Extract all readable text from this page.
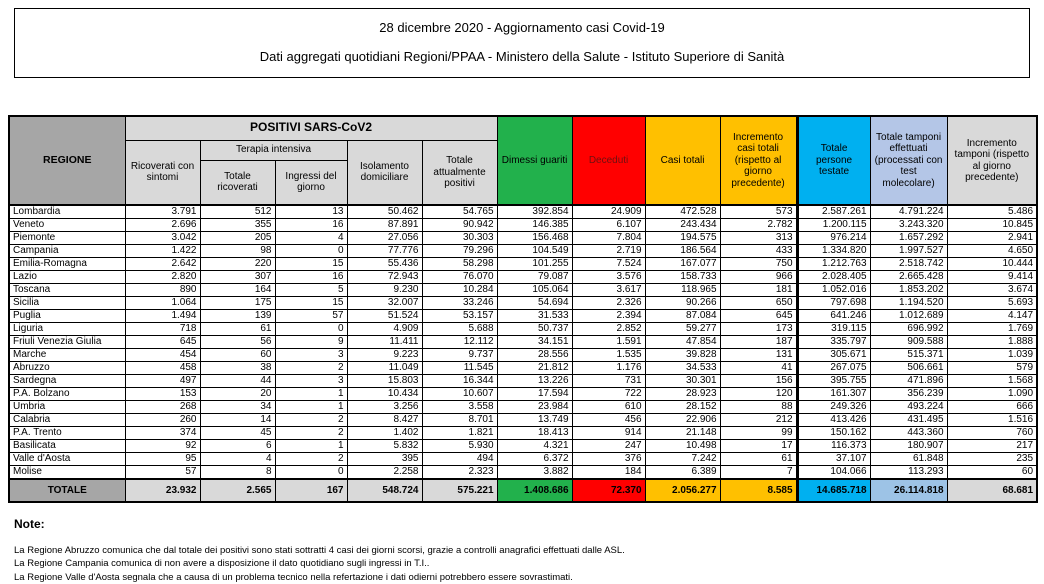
28 dicembre 2020 - Aggiornamento casi Covid-19
Dati aggregati quotidiani Regioni/PPAA - Ministero della Salute - Istituto Superiore di Sanità
REGIONE	POSITIVI SARS-CoV2					Dimessi guariti	Deceduti	Casi totali	Incremento casi totali (rispetto al giorno precedente)	Totale persone testate	Totale tamponi effettuati (processati con test molecolare)	Incremento tamponi (rispetto al giorno precedente)
	Ricoverati con sintomi	Terapia intensiva		Isolamento domiciliare	Totale attualmente positivi							
		Totale ricoverati	Ingressi del giorno									
Lombardia	3.791	512	13	50.462	54.765	392.854	24.909	472.528	573	2.587.261	4.791.224	5.486
Veneto	2.696	355	16	87.891	90.942	146.385	6.107	243.434	2.782	1.200.115	3.243.320	10.845
Piemonte	3.042	205	4	27.056	30.303	156.468	7.804	194.575	313	976.214	1.657.292	2.941
Campania	1.422	98	0	77.776	79.296	104.549	2.719	186.564	433	1.334.820	1.997.527	4.650
Emilia-Romagna	2.642	220	15	55.436	58.298	101.255	7.524	167.077	750	1.212.763	2.518.742	10.444
Lazio	2.820	307	16	72.943	76.070	79.087	3.576	158.733	966	2.028.405	2.665.428	9.414
Toscana	890	164	5	9.230	10.284	105.064	3.617	118.965	181	1.052.016	1.853.202	3.674
Sicilia	1.064	175	15	32.007	33.246	54.694	2.326	90.266	650	797.698	1.194.520	5.693
Puglia	1.494	139	57	51.524	53.157	31.533	2.394	87.084	645	641.246	1.012.689	4.147
Liguria	718	61	0	4.909	5.688	50.737	2.852	59.277	173	319.115	696.992	1.769
Friuli Venezia Giulia	645	56	9	11.411	12.112	34.151	1.591	47.854	187	335.797	909.588	1.888
Marche	454	60	3	9.223	9.737	28.556	1.535	39.828	131	305.671	515.371	1.039
Abruzzo	458	38	2	11.049	11.545	21.812	1.176	34.533	41	267.075	506.661	579
Sardegna	497	44	3	15.803	16.344	13.226	731	30.301	156	395.755	471.896	1.568
P.A. Bolzano	153	20	1	10.434	10.607	17.594	722	28.923	120	161.307	356.239	1.090
Umbria	268	34	1	3.256	3.558	23.984	610	28.152	88	249.326	493.224	666
Calabria	260	14	2	8.427	8.701	13.749	456	22.906	212	413.426	431.495	1.516
P.A. Trento	374	45	2	1.402	1.821	18.413	914	21.148	99	150.162	443.360	760
Basilicata	92	6	1	5.832	5.930	4.321	247	10.498	17	116.373	180.907	217
Valle d'Aosta	95	4	2	395	494	6.372	376	7.242	61	37.107	61.848	235
Molise	57	8	0	2.258	2.323	3.882	184	6.389	7	104.066	113.293	60
TOTALE	23.932	2.565	167	548.724	575.221	1.408.686	72.370	2.056.277	8.585	14.685.718	26.114.818	68.681
Note:
La Regione Abruzzo comunica che dal totale dei positivi sono stati sottratti 4 casi dei giorni scorsi, grazie a controlli anagrafici effettuati dalle ASL.
La Regione Campania comunica di non avere a disposizione il dato quotidiano sugli ingressi in T.I..
La Regione Valle d'Aosta segnala che a causa di un problema tecnico nella refertazione i dati odierni potrebbero essere sovrastimati.
